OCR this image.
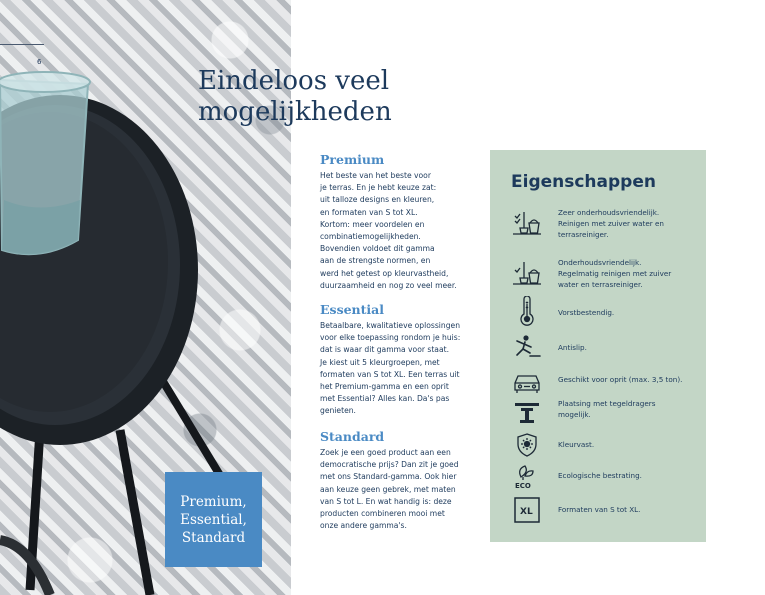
6
Premium,
Essential,
Standard
Eindeloos veel
mogelijkheden
Premium

Het beste van het beste voor
je terras. En je hebt keuze zat:
uit talloze designs en kleuren,
en formaten van S tot XL.
Kortom: meer voordelen en
combinatiemogelijkheden.
Bovendien voldoet dit gamma
aan de strengste normen, en
werd het getest op kleurvastheid,
duurzaamheid en nog zo veel meer.

Essential

Betaalbare, kwalitatieve oplossingen
voor elke toepassing rondom je huis:
dat is waar dit gamma voor staat.
Je kiest uit 5 kleurgroepen, met
formaten van S tot XL. Een terras uit
het Premium-gamma en een oprit
met Essential? Alles kan. Da's pas
genieten.

Standard

Zoek je een goed product aan een
democratische prijs? Dan zit je goed
met ons Standard-gamma. Ook hier
aan keuze geen gebrek, met maten
van S tot L. En wat handig is: deze
producten combineren mooi met
onze andere gamma's.

Eigenschappen
Zeer onderhoudsvriendelijk.
Reinigen met zuiver water en
terrasreiniger.
Onderhoudsvriendelijk.
Regelmatig reinigen met zuiver
water en terrasreiniger.
Vorstbestendig.
Antislip.
Geschikt voor oprit (max. 3,5 ton).
Plaatsing met tegeldragers
mogelijk.
Kleurvast.
ECO
Ecologische bestrating.
XL	Formaten van S tot XL.
